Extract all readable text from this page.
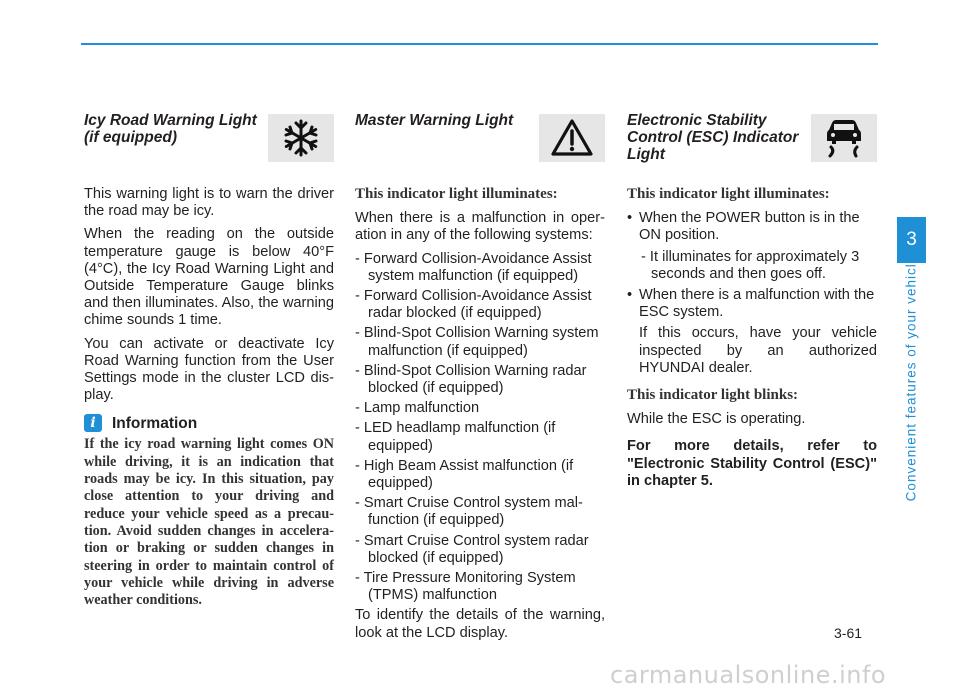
Icy Road Warning Light (if equipped)

This warning light is to warn the driver the road may be icy.

When the reading on the outside temperature gauge is below 40°F (4°C), the Icy Road Warning Light and Outside Temperature Gauge blinks and then illuminates. Also, the warning chime sounds 1 time.

You can activate or deactivate Icy Road Warning function from the User Settings mode in the cluster LCD display.

i	Information
If the icy road warning light comes ON while driving, it is an indication that roads may be icy. In this situation, pay close attention to your driving and reduce your vehicle speed as a precaution. Avoid sudden changes in acceleration or braking or sudden changes in steering in order to maintain control of your vehicle while driving in adverse weather conditions.
Master Warning Light
This indicator light illuminates:

When there is a malfunction in operation in any of the following systems:

- Forward Collision-Avoidance Assist system malfunction (if equipped)
- Forward Collision-Avoidance Assist radar blocked (if equipped)
- Blind-Spot Collision Warning system malfunction (if equipped)
- Blind-Spot Collision Warning radar blocked (if equipped)
- Lamp malfunction
- LED headlamp malfunction (if equipped)
- High Beam Assist malfunction (if equipped)
- Smart Cruise Control system malfunction (if equipped)
- Smart Cruise Control system radar blocked (if equipped)
- Tire Pressure Monitoring System (TPMS) malfunction

To identify the details of the warning, look at the LCD display.

Electronic Stability Control (ESC) Indicator Light
This indicator light illuminates:
• When the POWER button is in the ON position.
- It illuminates for approximately 3 seconds and then goes off.
• When there is a malfunction with the ESC system.

If this occurs, have your vehicle inspected by an authorized HYUNDAI dealer.

This indicator light blinks:

While the ESC is operating.

For more details, refer to "Electronic Stability Control (ESC)" in chapter 5.

3
Convenient features of your vehicle
3-61
carmanualsonline.info
